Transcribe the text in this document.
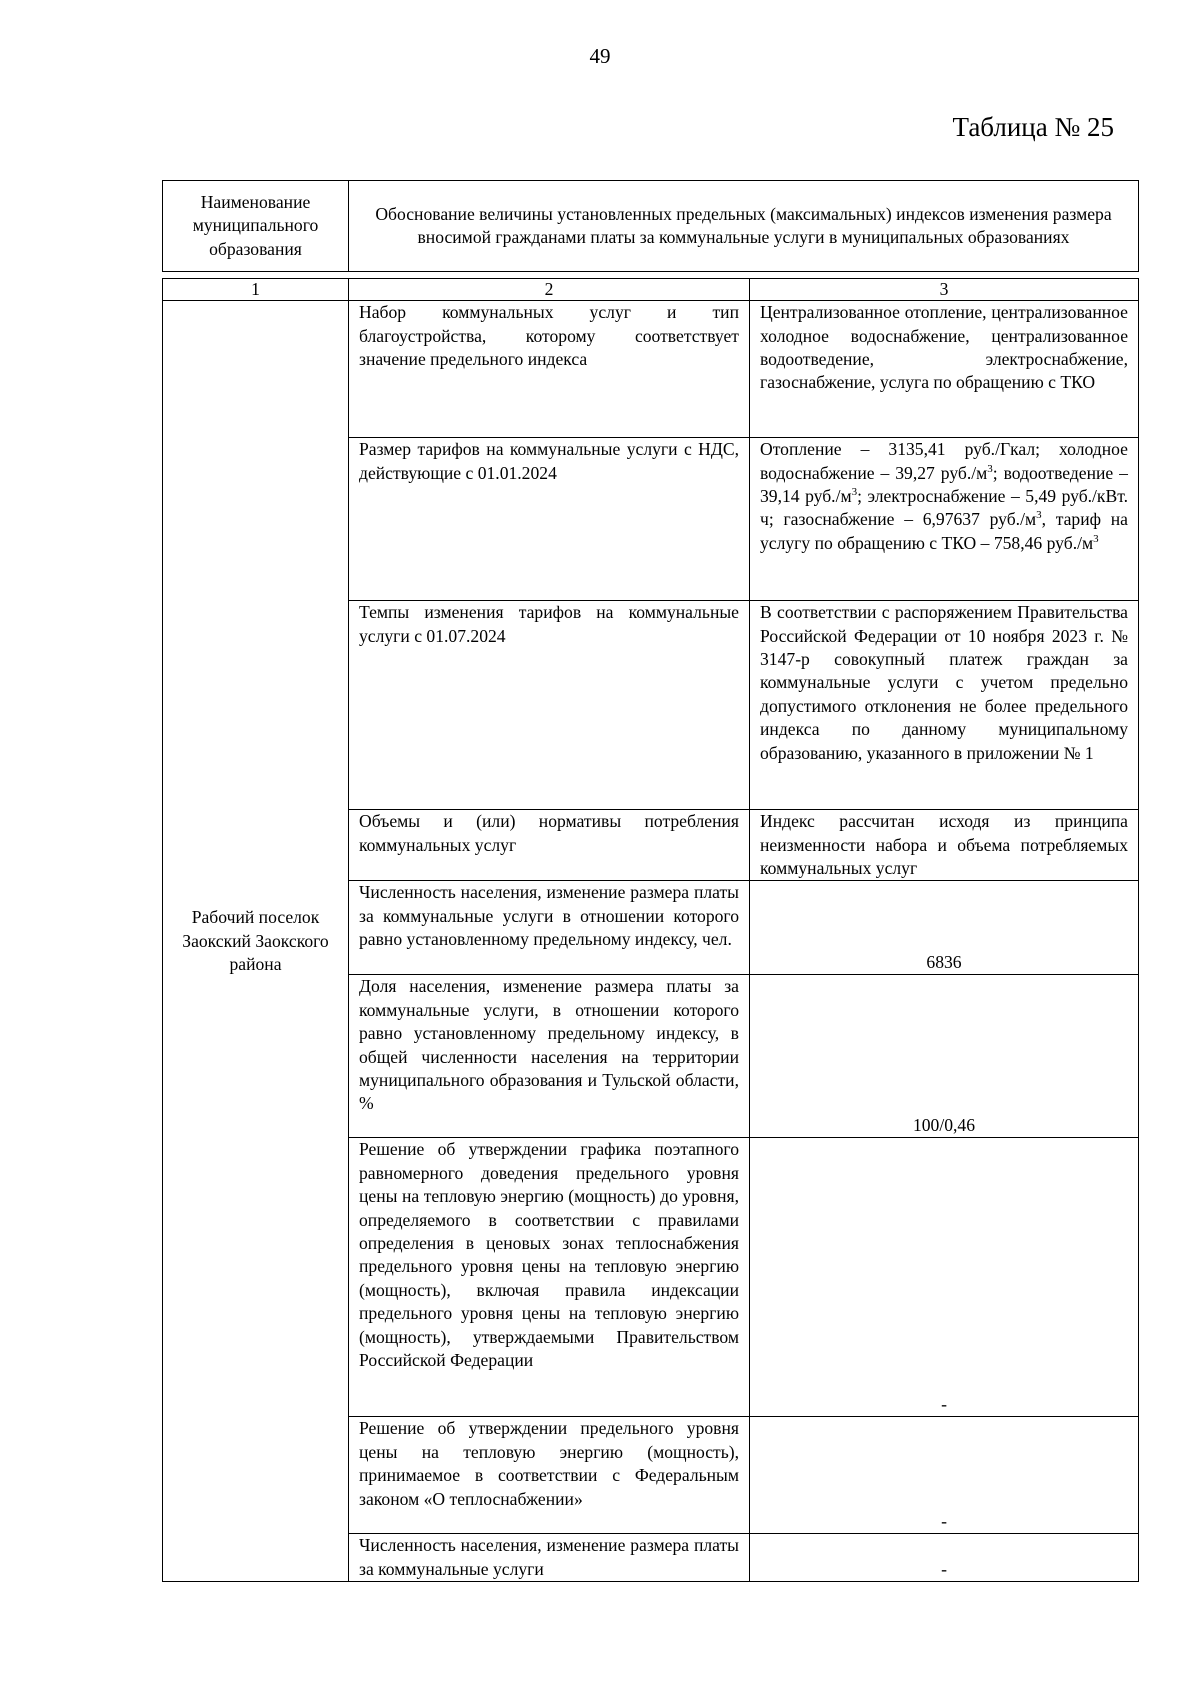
49
Таблица № 25
Наименование муниципального образования	Обоснование величины установленных предельных (максимальных) индексов изменения размера вносимой гражданами платы за коммунальные услуги в муниципальных образованиях	

1	2	3
Рабочий поселок Заокский Заокского района	Набор коммунальных услуг и тип благоустройства, которому соответствует значение предельного индекса	Централизованное отопление, централизованное холодное водоснабжение, централизованное водоотведение, электроснабжение, газоснабжение, услуга по обращению с ТКО
	Размер тарифов на коммунальные услуги с НДС, действующие с 01.01.2024	Отопление – 3135,41 руб./Гкал; холодное водоснабжение – 39,27 $руб./м^3$; водоотведение – 39,14 $руб./м^3$; электроснабжение – 5,49 руб./кВт. ч; газоснабжение – 6,97637 $руб./м^3$, тариф на услугу по обращению с ТКО – 758,46 $руб./м^3$
	Темпы изменения тарифов на коммунальные услуги с 01.07.2024	В соответствии с распоряжением Правительства Российской Федерации от 10 ноября 2023 г. № 3147-р совокупный платеж граждан за коммунальные услуги с учетом предельно допустимого отклонения не более предельного индекса по данному муниципальному образованию, указанного в приложении № 1
	Объемы и (или) нормативы потребления коммунальных услуг	Индекс рассчитан исходя из принципа неизменности набора и объема потребляемых коммунальных услуг
	Численность населения, изменение размера платы за коммунальные услуги в отношении которого равно установленному предельному индексу, чел.	6836
	Доля населения, изменение размера платы за коммунальные услуги, в отношении которого равно установленному предельному индексу, в общей численности населения на территории муниципального образования и Тульской области, %	100/0,46
	Решение об утверждении графика поэтапного равномерного доведения предельного уровня цены на тепловую энергию (мощность) до уровня, определяемого в соответствии с правилами определения в ценовых зонах теплоснабжения предельного уровня цены на тепловую энергию (мощность), включая правила индексации предельного уровня цены на тепловую энергию (мощность), утверждаемыми Правительством Российской Федерации	-
	Решение об утверждении предельного уровня цены на тепловую энергию (мощность), принимаемое в соответствии с Федеральным законом «О теплоснабжении»	-
	Численность населения, изменение размера платы за коммунальные услуги	-
